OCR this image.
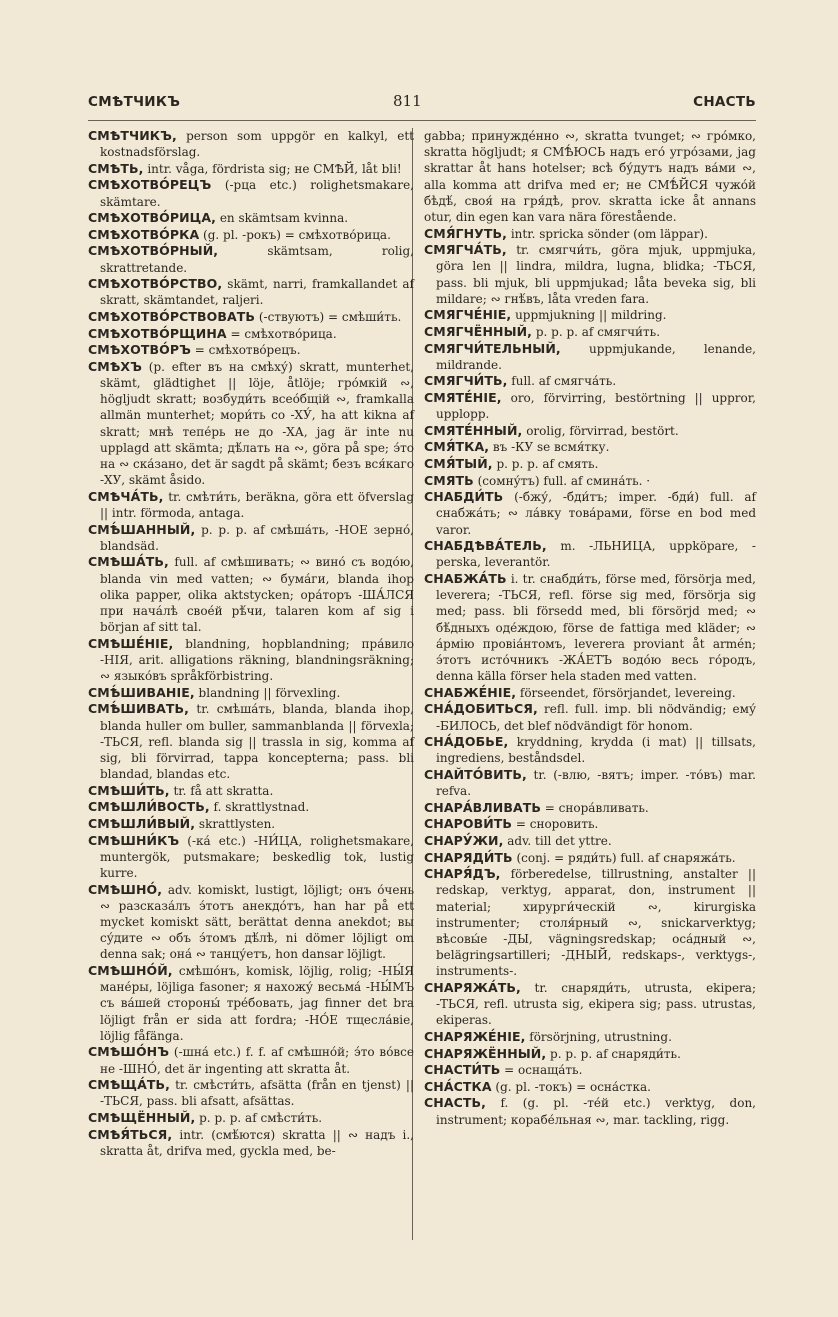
СМѢТЧИКЪ	811	СНАСТЬ
СМѢТЧИКЪ, person som uppgör en kalkyl, ett kostnadsförslag.
СМѢТЬ, intr. våga, fördrista sig; не СМѢЙ, låt bli!
СМѢХОТВО́РЕЦЪ (-рца etc.) rolighetsmakare, skämtare.
СМѢХОТВО́РИЦА, en skämtsam kvinna.
СМѢХОТВО́РКА (g. pl. -рокъ) = смѣхотво́рица.
СМѢХОТВО́РНЫЙ, skämtsam, rolig, skrattretande.
СМѢХОТВО́РСТВО, skämt, narri, framkallandet af skratt, skämtandet, raljeri.
СМѢХОТВО́РСТВОВАТЬ (-ствуютъ) = смѣши́ть.
СМѢХОТВО́РЩИНА = смѣхотво́рица.
СМѢХОТВО́РЪ = смѣхотво́рецъ.
СМѢХЪ (p. efter въ на смѣху́) skratt, munterhet, skämt, glädtighet || löje, åtlöje; гро́мкiй ∾, högljudt skratt; возбуди́ть всео́бщiй ∾, framkalla allmän munterhet; мори́ть со -ХУ́, ha att kikna af skratt; мнѣ тепе́рь не до -ХА, jag är inte nu upplagd att skämta; дѣ́лать на ∾, göra på spe; э́то на ∾ ска́зано, det är sagdt på skämt; безъ вся́каго -ХУ, skämt åsido.
СМѢЧА́ТЬ, tr. смѣти́ть, beräkna, göra ett öfverslag || intr. förmoda, antaga.
СМѢ́ШАННЫЙ, p. p. p. af смѣша́ть, -НОЕ зерно́, blandsäd.
СМѢША́ТЬ, full. af смѣшивать; ∾ вино́ съ водо́ю, blanda vin med vatten; ∾ бума́ги, blanda ihop olika papper, olika aktstycken; ора́торъ -ША́ЛСЯ при нача́лѣ свое́й рѣ́чи, talaren kom af sig i början af sitt tal.
СМѢШЕ́НIЕ, blandning, hopblandning; пра́вило -НIЯ, arit. alligations räkning, blandningsräkning; ∾ языко́въ språkförbistring.
СМѢ́ШИВАНIЕ, blandning || förvexling.
СМѢ́ШИВАТЬ, tr. смѣша́ть, blanda, blanda ihop, blanda huller om buller, sammanblanda || förvexla; -ТЬСЯ, refl. blanda sig || trassla in sig, komma af sig, bli förvirrad, tappa koncepterna; pass. bli blandad, blandas etc.
СМѢШИ́ТЬ, tr. få att skratta.
СМѢШЛИ́ВОСТЬ, f. skrattlystnad.
СМѢШЛИ́ВЫЙ, skrattlysten.
СМѢШНИ́КЪ (-ка́ etc.) -НИ́ЦА, rolighetsmakare, muntergök, putsmakare; beskedlig tok, lustig kurre.
СМѢШНО́, adv. komiskt, lustigt, löjligt; онъ о́чень ∾ разсказа́лъ э́тотъ анекдо́тъ, han har på ett mycket komiskt sätt, berättat denna anekdot; вы су́дите ∾ объ э́томъ дѣ́лѣ, ni dömer löjligt om denna sak; она́ ∾ танцу́етъ, hon dansar löjligt.
СМѢШНО́Й, смѣшо́нъ, komisk, löjlig, rolig; -НЫ́Я мане́ры, löjliga fasoner; я нахожу́ весьма́ -НЫ́МЪ съ ва́шей стороны́ тре́бовать, jag finner det bra löjligt från er sida att fordra; -НО́Е тщесла́вiе, löjlig fåfänga.
СМѢШО́НЪ (-шна́ etc.) f. f. af смѣшно́й; э́то во́все не -ШНО́, det är ingenting att skratta åt.
СМѢЩА́ТЬ, tr. смѣсти́ть, afsätta (från en tjenst) || -ТЬСЯ, pass. bli afsatt, afsättas.
СМѢЩЁННЫЙ, p. p. p. af смѣсти́ть.
СМѢЯ́ТЬСЯ, intr. (смѣ́ются) skratta || ∾ надъ i., skratta åt, drifva med, gyckla med, be-
gabba; принужде́нно ∾, skratta tvunget; ∾ гро́мко, skratta högljudt; я СМѢ́ЮСЬ надъ его́ угро́зами, jag skrattar åt hans hotelser; всѣ бу́дутъ надъ ва́ми ∾, alla komma att drifva med er; не СМѢ́ЙСЯ чужо́й бѣдѣ́, своя́ на гря́дѣ, prov. skratta icke åt annans otur, din egen kan vara nära förestående.
СМЯ́ГНУТЬ, intr. spricka sönder (om läppar).
СМЯГЧА́ТЬ, tr. смягчи́ть, göra mjuk, uppmjuka, göra len || lindra, mildra, lugna, blidka; -ТЬСЯ, pass. bli mjuk, bli uppmjukad; låta beveka sig, bli mildare; ∾ гнѣ́въ, låta vreden fara.
СМЯГЧЕ́НIЕ, uppmjukning || mildring.
СМЯГЧЁННЫЙ, p. p. p. af смягчи́ть.
СМЯГЧИ́ТЕЛЬНЫЙ, uppmjukande, lenande, mildrande.
СМЯГЧИ́ТЬ, full. af смягча́ть.
СМЯТЕ́НIЕ, oro, förvirring, bestörtning || uppror, upplopp.
СМЯТЕ́ННЫЙ, orolig, förvirrad, bestört.
СМЯ́ТКА, въ -КУ se всмя́тку.
СМЯ́ТЫЙ, p. p. p. af смять.
СМЯТЬ (сомну́тъ) full. af смина́ть. ·
СНАБДИ́ТЬ (-бжу́, -бди́тъ; imper. -бди́) full. af снабжа́ть; ∾ ла́вку това́рами, förse en bod med varor.
СНАБДѢВА́ТЕЛЬ, m. -ЛЬНИЦА, uppköpare, -perska, leverantör.
СНАБЖА́ТЬ i. tr. снабди́ть, förse med, försörja med, leverera; -ТЬСЯ, refl. förse sig med, försörja sig med; pass. bli försedd med, bli försörjd med; ∾ бѣ́дныхъ оде́ждою, förse de fattiga med kläder; ∾ а́рмiю провiа́нтомъ, leverera proviant åt armén; э́тотъ исто́чникъ -ЖА́ЕТЪ водо́ю весь го́родъ, denna källa förser hela staden med vatten.
СНАБЖЕ́НIЕ, förseendet, försörjandet, levereing.
СНА́ДОБИТЬСЯ, refl. full. imp. bli nödvändig; ему́ -БИЛОСЬ, det blef nödvändigt för honom.
СНА́ДОБЬЕ, kryddning, krydda (i mat) || tillsats, ingrediens, beståndsdel.
СНАЙТО́ВИТЬ, tr. (-влю, -вятъ; imper. -то́въ) mar. refva.
СНАРА́ВЛИВАТЬ = снора́вливать.
СНАРОВИ́ТЬ = сноровить.
СНАРУ́ЖИ, adv. till det yttre.
СНАРЯДИ́ТЬ (conj. = ряди́ть) full. af снаряжа́ть.
СНАРЯ́ДЪ, förberedelse, tillrustning, anstalter || redskap, verktyg, apparat, don, instrument || material; хирурги́ческiй ∾, kirurgiska instrumenter; столя́рный ∾, snickarverktyg; вѣсовы́е -ДЫ, vägningsredskap; оса́дный ∾, belägringsartilleri; -ДНЫЙ, redskaps-, verktygs-, instruments-.
СНАРЯЖА́ТЬ, tr. снаряди́ть, utrusta, ekipera; -ТЬСЯ, refl. utrusta sig, ekipera sig; pass. utrustas, ekiperas.
СНАРЯЖЕ́НIЕ, försörjning, utrustning.
СНАРЯЖЁННЫЙ, p. p. p. af снаряди́ть.
СНАСТИ́ТЬ = оснаща́ть.
СНА́СТКА (g. pl. -токъ) = осна́стка.
СНАСТЬ, f. (g. pl. -те́й etc.) verktyg, don, instrument; корабе́льная ∾, mar. tackling, rigg.
